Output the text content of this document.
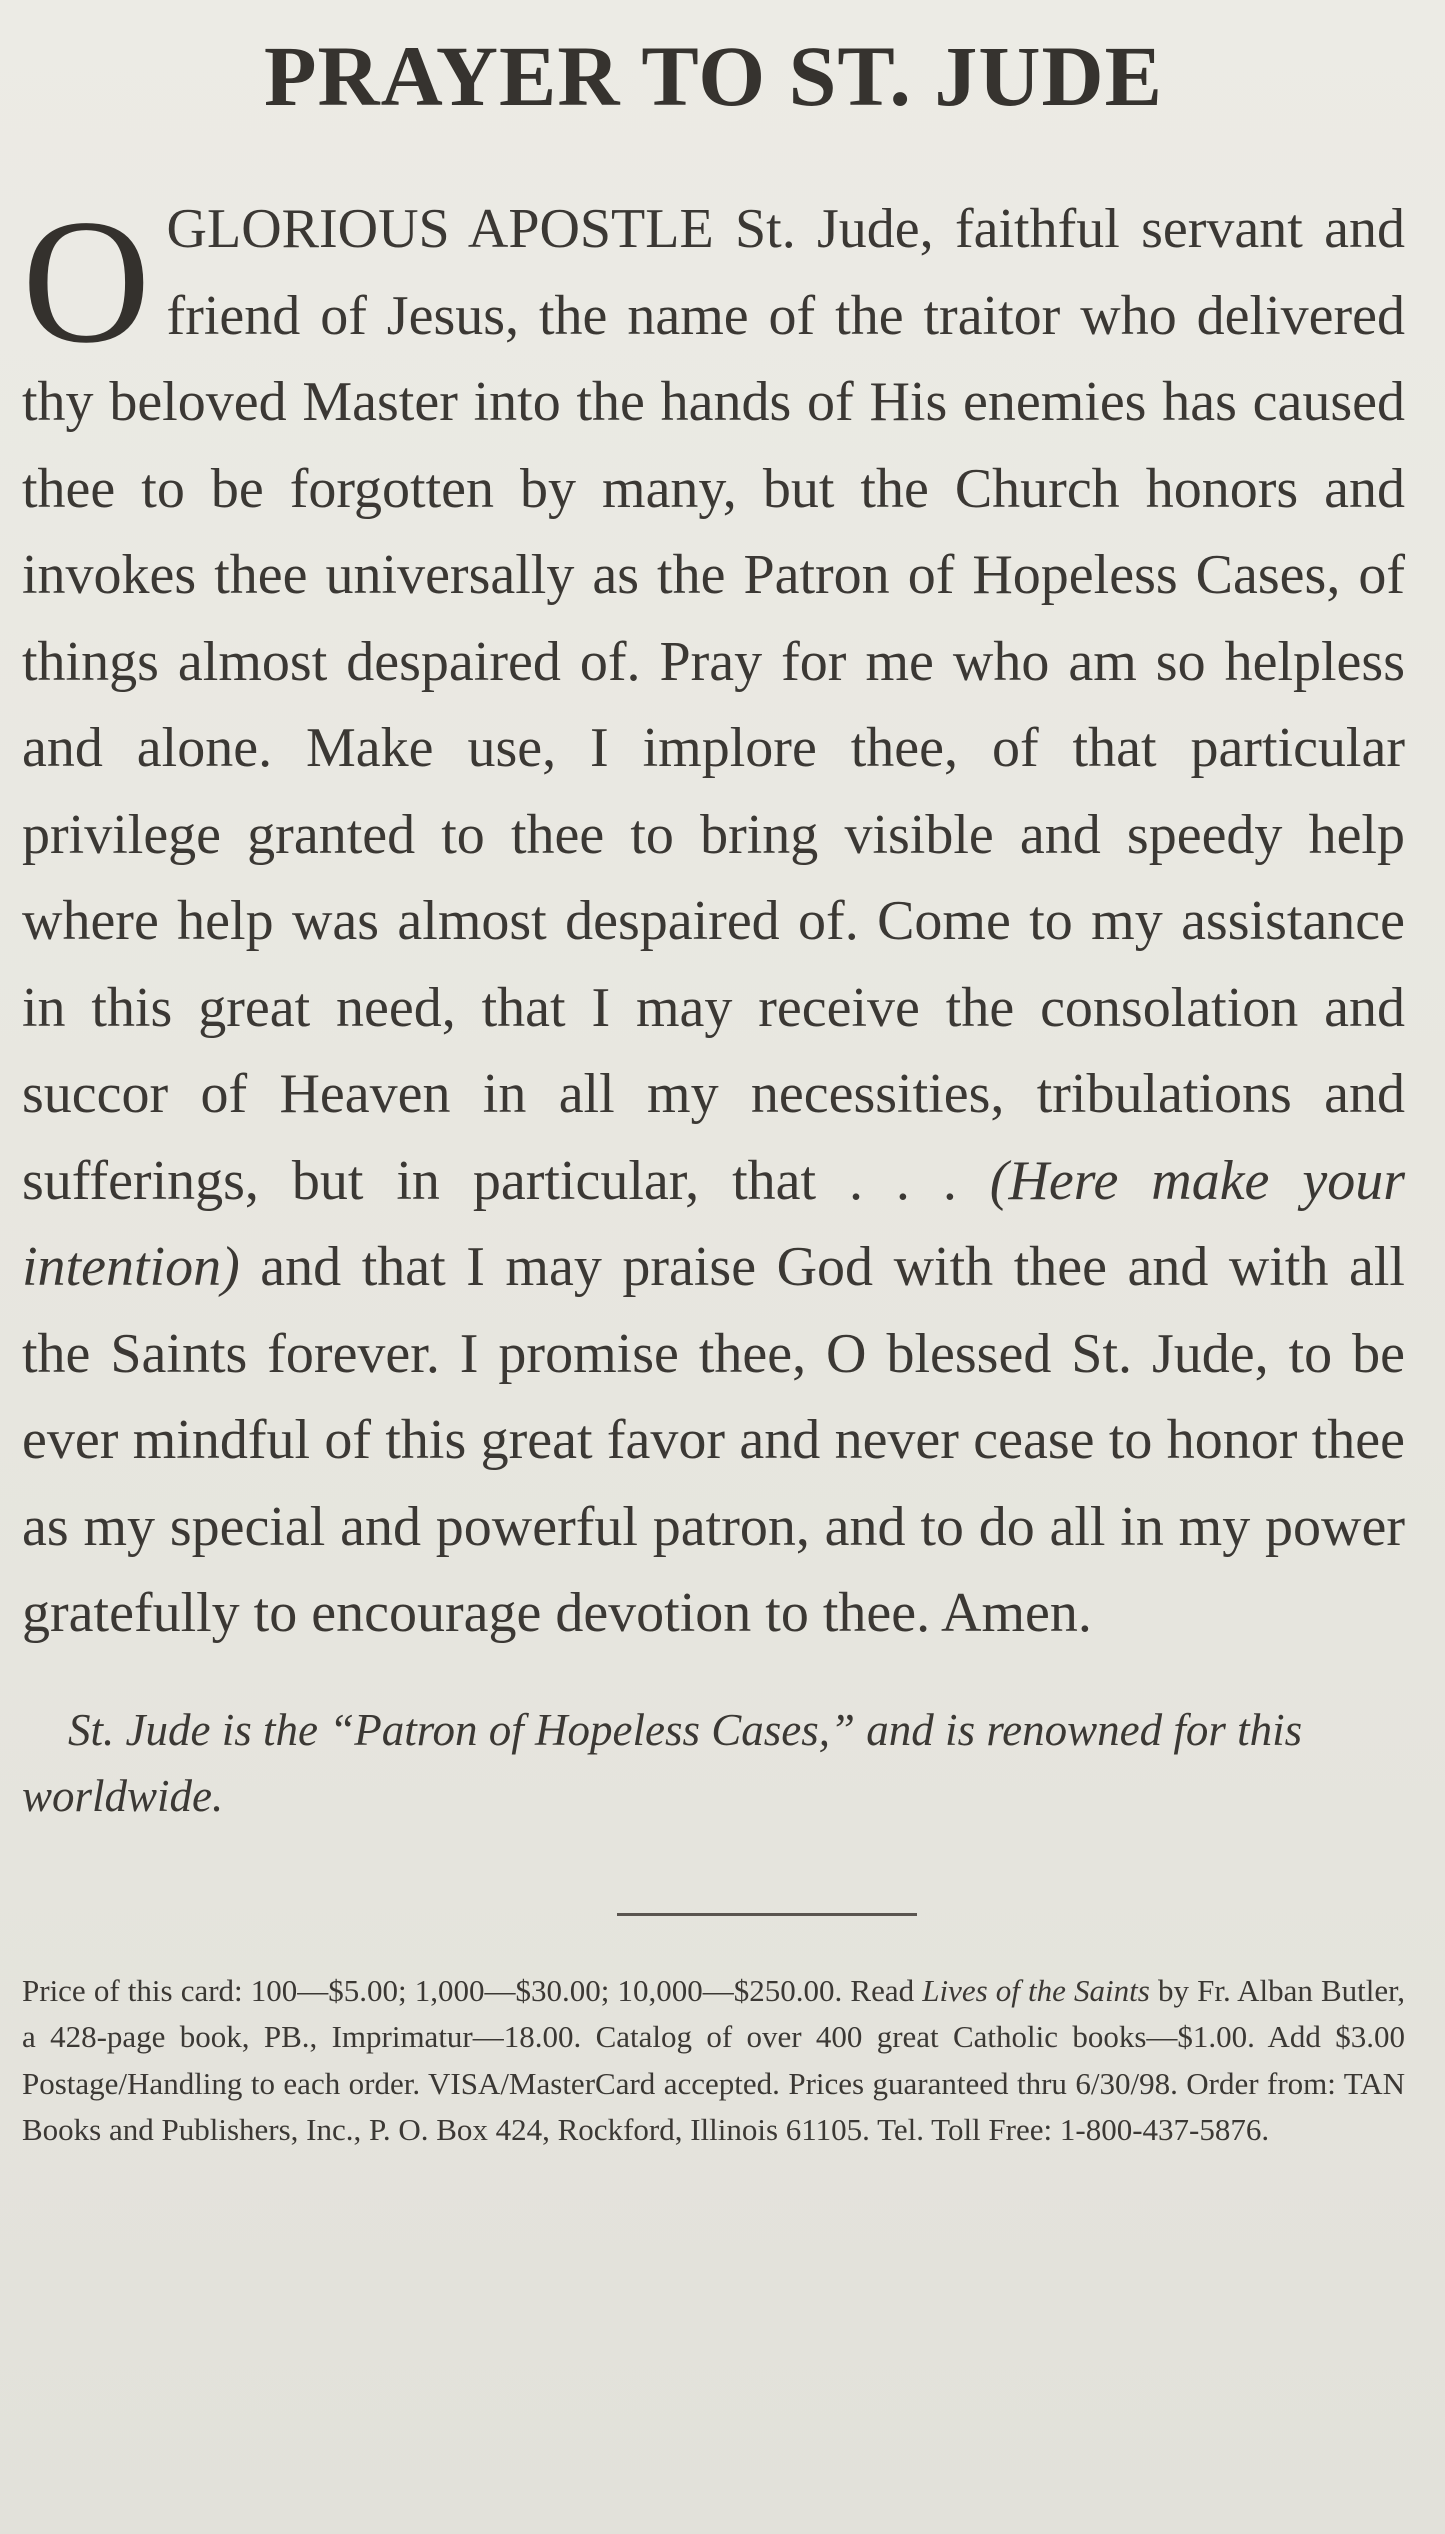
PRAYER TO ST. JUDE

OGLORIOUS APOSTLE St. Jude, faithful servant and friend of Jesus, the name of the traitor who delivered thy beloved Master into the hands of His enemies has caused thee to be forgotten by many, but the Church honors and invokes thee universally as the Patron of Hopeless Cases, of things almost despaired of. Pray for me who am so helpless and alone. Make use, I implore thee, of that particular privilege granted to thee to bring visible and speedy help where help was almost despaired of. Come to my assistance in this great need, that I may receive the consolation and succor of Heaven in all my necessities, tribulations and sufferings, but in particular, that . . . (Here make your intention) and that I may praise God with thee and with all the Saints forever. I promise thee, O blessed St. Jude, to be ever mindful of this great favor and never cease to honor thee as my special and powerful patron, and to do all in my power gratefully to encourage devotion to thee. Amen.

St. Jude is the “Patron of Hopeless Cases,” and is renowned for this worldwide.

Price of this card: 100—$5.00; 1,000—$30.00; 10,000—$250.00. Read Lives of the Saints by Fr. Alban Butler, a 428-page book, PB., Imprimatur—18.00. Catalog of over 400 great Catholic books—$1.00. Add $3.00 Postage/Handling to each order. VISA/MasterCard accepted. Prices guaranteed thru 6/30/98. Order from: TAN Books and Publishers, Inc., P. O. Box 424, Rockford, Illinois 61105. Tel. Toll Free: 1-800-437-5876.
